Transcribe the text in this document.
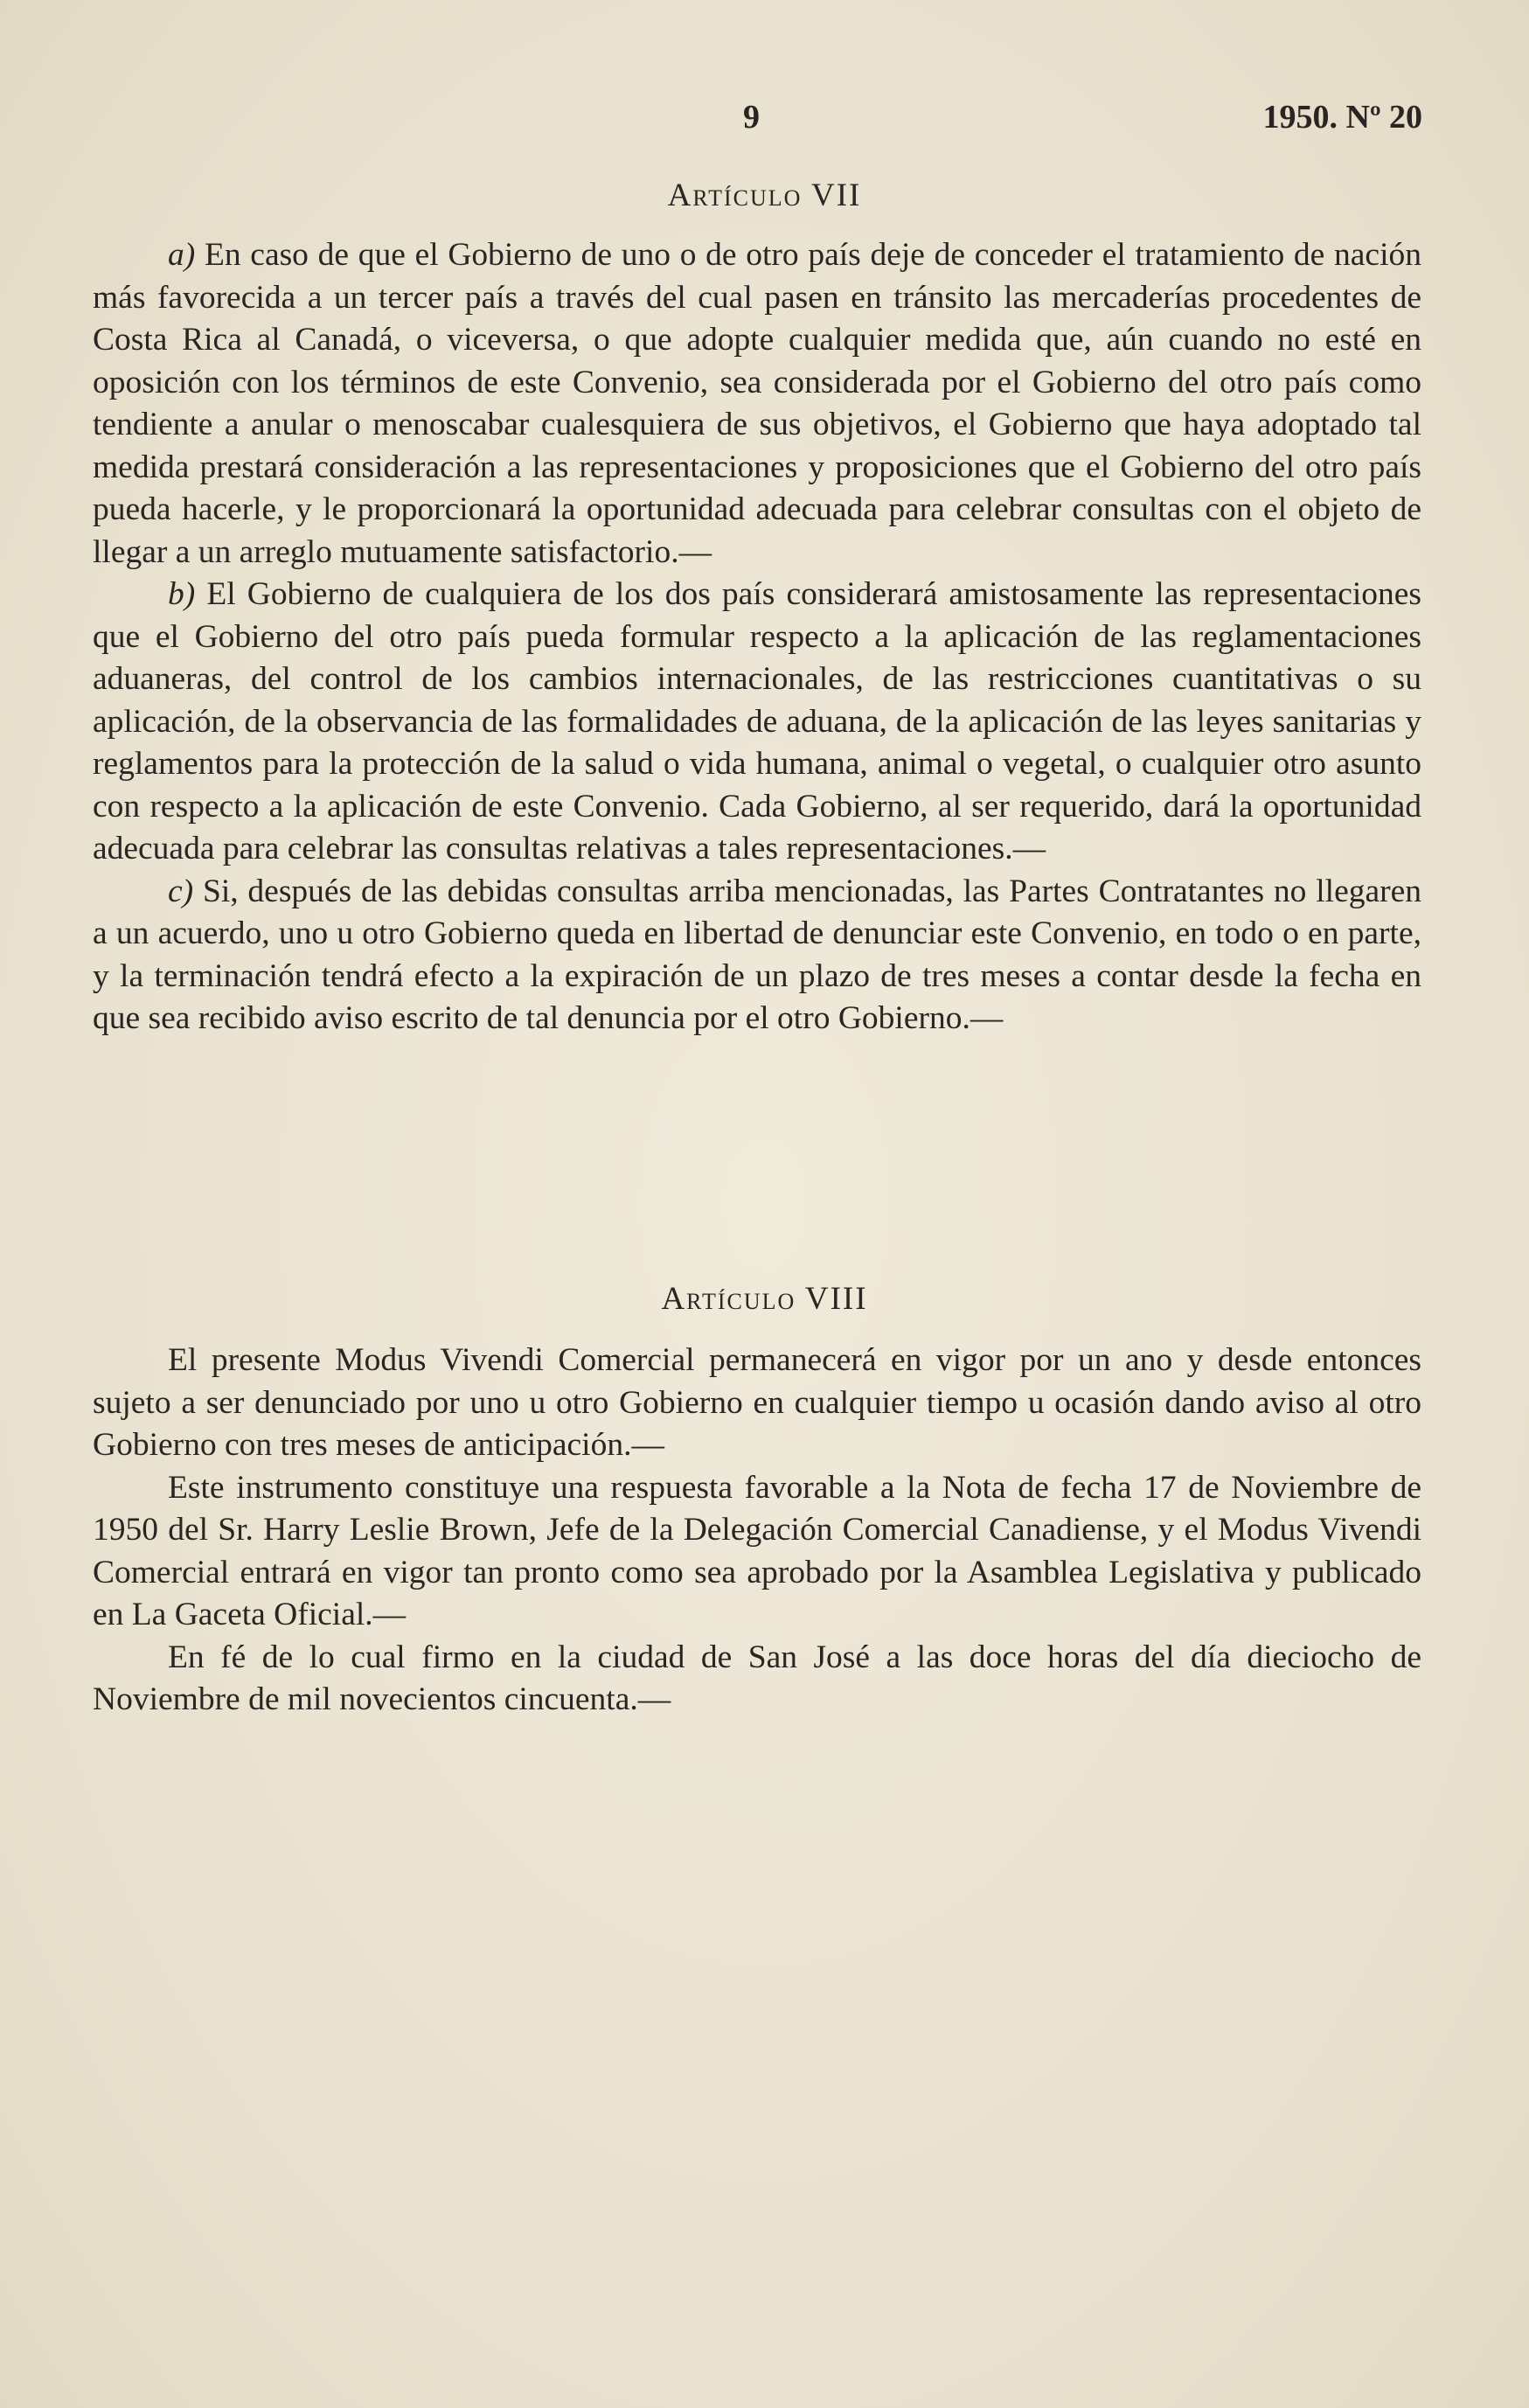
9	1950. Nº 20
Artículo VII

a) En caso de que el Gobierno de uno o de otro país deje de conceder el tratamiento de nación más favorecida a un tercer país a través del cual pasen en tránsito las mercaderías procedentes de Costa Rica al Canadá, o viceversa, o que adopte cualquier medida que, aún cuando no esté en oposición con los términos de este Convenio, sea considerada por el Gobierno del otro país como tendiente a anular o menoscabar cualesquiera de sus objetivos, el Gobierno que haya adoptado tal medida prestará consideración a las representaciones y proposiciones que el Gobierno del otro país pueda hacerle, y le proporcionará la oportunidad adecuada para celebrar consultas con el objeto de llegar a un arreglo mutuamente satisfactorio.—

b) El Gobierno de cualquiera de los dos país considerará amistosamente las representaciones que el Gobierno del otro país pueda formular respecto a la aplicación de las reglamentaciones aduaneras, del control de los cambios internacionales, de las restricciones cuantitativas o su aplicación, de la observancia de las formalidades de aduana, de la aplicación de las leyes sanitarias y reglamentos para la protección de la salud o vida humana, animal o vegetal, o cualquier otro asunto con respecto a la aplicación de este Convenio. Cada Gobierno, al ser requerido, dará la oportunidad adecuada para celebrar las consultas relativas a tales representaciones.—

c) Si, después de las debidas consultas arriba mencionadas, las Partes Contratantes no llegaren a un acuerdo, uno u otro Gobierno queda en libertad de denunciar este Convenio, en todo o en parte, y la terminación tendrá efecto a la expiración de un plazo de tres meses a contar desde la fecha en que sea recibido aviso escrito de tal denuncia por el otro Gobierno.—

Artículo VIII

El presente Modus Vivendi Comercial permanecerá en vigor por un ano y desde entonces sujeto a ser denunciado por uno u otro Gobierno en cualquier tiempo u ocasión dando aviso al otro Gobierno con tres meses de anticipación.—

Este instrumento constituye una respuesta favorable a la Nota de fecha 17 de Noviembre de 1950 del Sr. Harry Leslie Brown, Jefe de la Delegación Comercial Canadiense, y el Modus Vivendi Comercial entrará en vigor tan pronto como sea aprobado por la Asamblea Legislativa y publicado en La Gaceta Oficial.—

En fé de lo cual firmo en la ciudad de San José a las doce horas del día dieciocho de Noviembre de mil novecientos cincuenta.—
